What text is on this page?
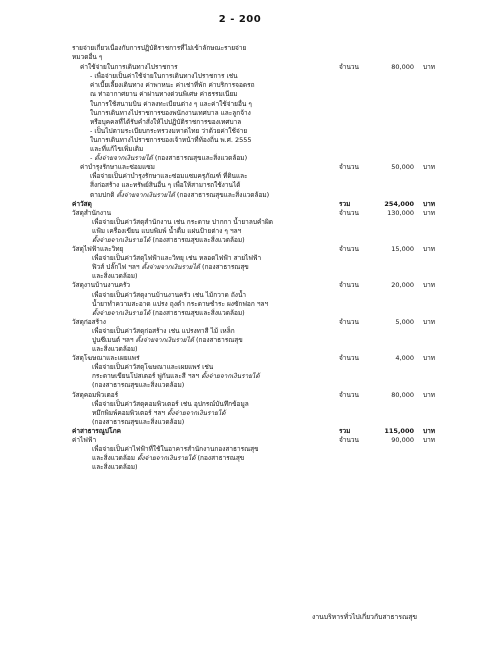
2 - 200
รายจ่ายเกี่ยวเนื่องกับการปฏิบัติราชการที่ไม่เข้าลักษณะรายจ่าย
หมวดอื่น ๆ
ค่าใช้จ่ายในการเดินทางไปราชการ	จำนวน	80,000 บาท
- เพื่อจ่ายเป็นค่าใช้จ่ายในการเดินทางไปราชการ เช่น
ค่าเบี้ยเลี้ยงเดินทาง ค่าพาหนะ ค่าเช่าที่พัก ค่าบริการจอดรถ
ณ ท่าอากาศยาน ค่าผ่านทางด่วนพิเศษ ค่าธรรมเนียม
ในการใช้สนามบิน ค่าลงทะเบียนต่าง ๆ และค่าใช้จ่ายอื่น ๆ
ในการเดินทางไปราชการของพนักงานเทศบาล และลูกจ้าง
หรือบุคคลที่ได้รับคำสั่งให้ไปปฏิบัติราชการของเทศบาล
- เป็นไปตามระเบียบกระทรวงมหาดไทย ว่าด้วยค่าใช้จ่าย
ในการเดินทางไปราชการของเจ้าหน้าที่ท้องถิ่น พ.ศ. 2555
และที่แก้ไขเพิ่มเติม
- ตั้งจ่ายจากเงินรายได้ (กองสาธารณสุขและสิ่งแวดล้อม)
ค่าบำรุงรักษาและซ่อมแซม	จำนวน	50,000 บาท
เพื่อจ่ายเป็นค่าบำรุงรักษาและซ่อมแซมครุภัณฑ์ ที่ดินและ
สิ่งก่อสร้าง และทรัพย์สินอื่น ๆ เพื่อให้สามารถใช้งานได้
ตามปกติ ตั้งจ่ายจากเงินรายได้ (กองสาธารณสุขและสิ่งแวดล้อม)
ค่าวัสดุ	รวม	254,000 บาท
วัสดุสำนักงาน	จำนวน	130,000 บาท
เพื่อจ่ายเป็นค่าวัสดุสำนักงาน เช่น กระดาษ ปากกา น้ำยาลบคำผิด
แฟ้ม เครื่องเขียน แบบพิมพ์ น้ำดื่ม แผ่นป้ายต่าง ๆ ฯลฯ
ตั้งจ่ายจากเงินรายได้ (กองสาธารณสุขและสิ่งแวดล้อม)
วัสดุไฟฟ้าและวิทยุ	จำนวน	15,000 บาท
เพื่อจ่ายเป็นค่าวัสดุไฟฟ้าและวิทยุ เช่น หลอดไฟฟ้า สายไฟฟ้า
ฟิวส์ ปลั๊กไฟ ฯลฯ ตั้งจ่ายจากเงินรายได้ (กองสาธารณสุข
และสิ่งแวดล้อม)
วัสดุงานบ้านงานครัว	จำนวน	20,000 บาท
เพื่อจ่ายเป็นค่าวัสดุงานบ้านงานครัว เช่น ไม้กวาด ถังน้ำ
น้ำยาทำความสะอาด แปรง ถุงดำ กระดาษชำระ ผงซักฟอก ฯลฯ
ตั้งจ่ายจากเงินรายได้ (กองสาธารณสุขและสิ่งแวดล้อม)
วัสดุก่อสร้าง	จำนวน	5,000 บาท
เพื่อจ่ายเป็นค่าวัสดุก่อสร้าง เช่น แปรงทาสี ไม้ เหล็ก
ปูนซีเมนต์ ฯลฯ ตั้งจ่ายจากเงินรายได้ (กองสาธารณสุข
และสิ่งแวดล้อม)
วัสดุโฆษณาและเผยแพร่	จำนวน	4,000 บาท
เพื่อจ่ายเป็นค่าวัสดุโฆษณาและเผยแพร่ เช่น
กระดาษเขียนโปสเตอร์ พู่กันและสี ฯลฯ ตั้งจ่ายจากเงินรายได้
(กองสาธารณสุขและสิ่งแวดล้อม)
วัสดุคอมพิวเตอร์	จำนวน	80,000 บาท
เพื่อจ่ายเป็นค่าวัสดุคอมพิวเตอร์ เช่น อุปกรณ์บันทึกข้อมูล
หมึกพิมพ์คอมพิวเตอร์ ฯลฯ ตั้งจ่ายจากเงินรายได้
(กองสาธารณสุขและสิ่งแวดล้อม)
ค่าสาธารณูปโภค	รวม	115,000 บาท
ค่าไฟฟ้า	จำนวน	90,000 บาท
เพื่อจ่ายเป็นค่าไฟฟ้าที่ใช้ในอาคารสำนักงานกองสาธารณสุข
และสิ่งแวดล้อม ตั้งจ่ายจากเงินรายได้ (กองสาธารณสุข
และสิ่งแวดล้อม)
งานบริหารทั่วไปเกี่ยวกับสาธารณสุข
